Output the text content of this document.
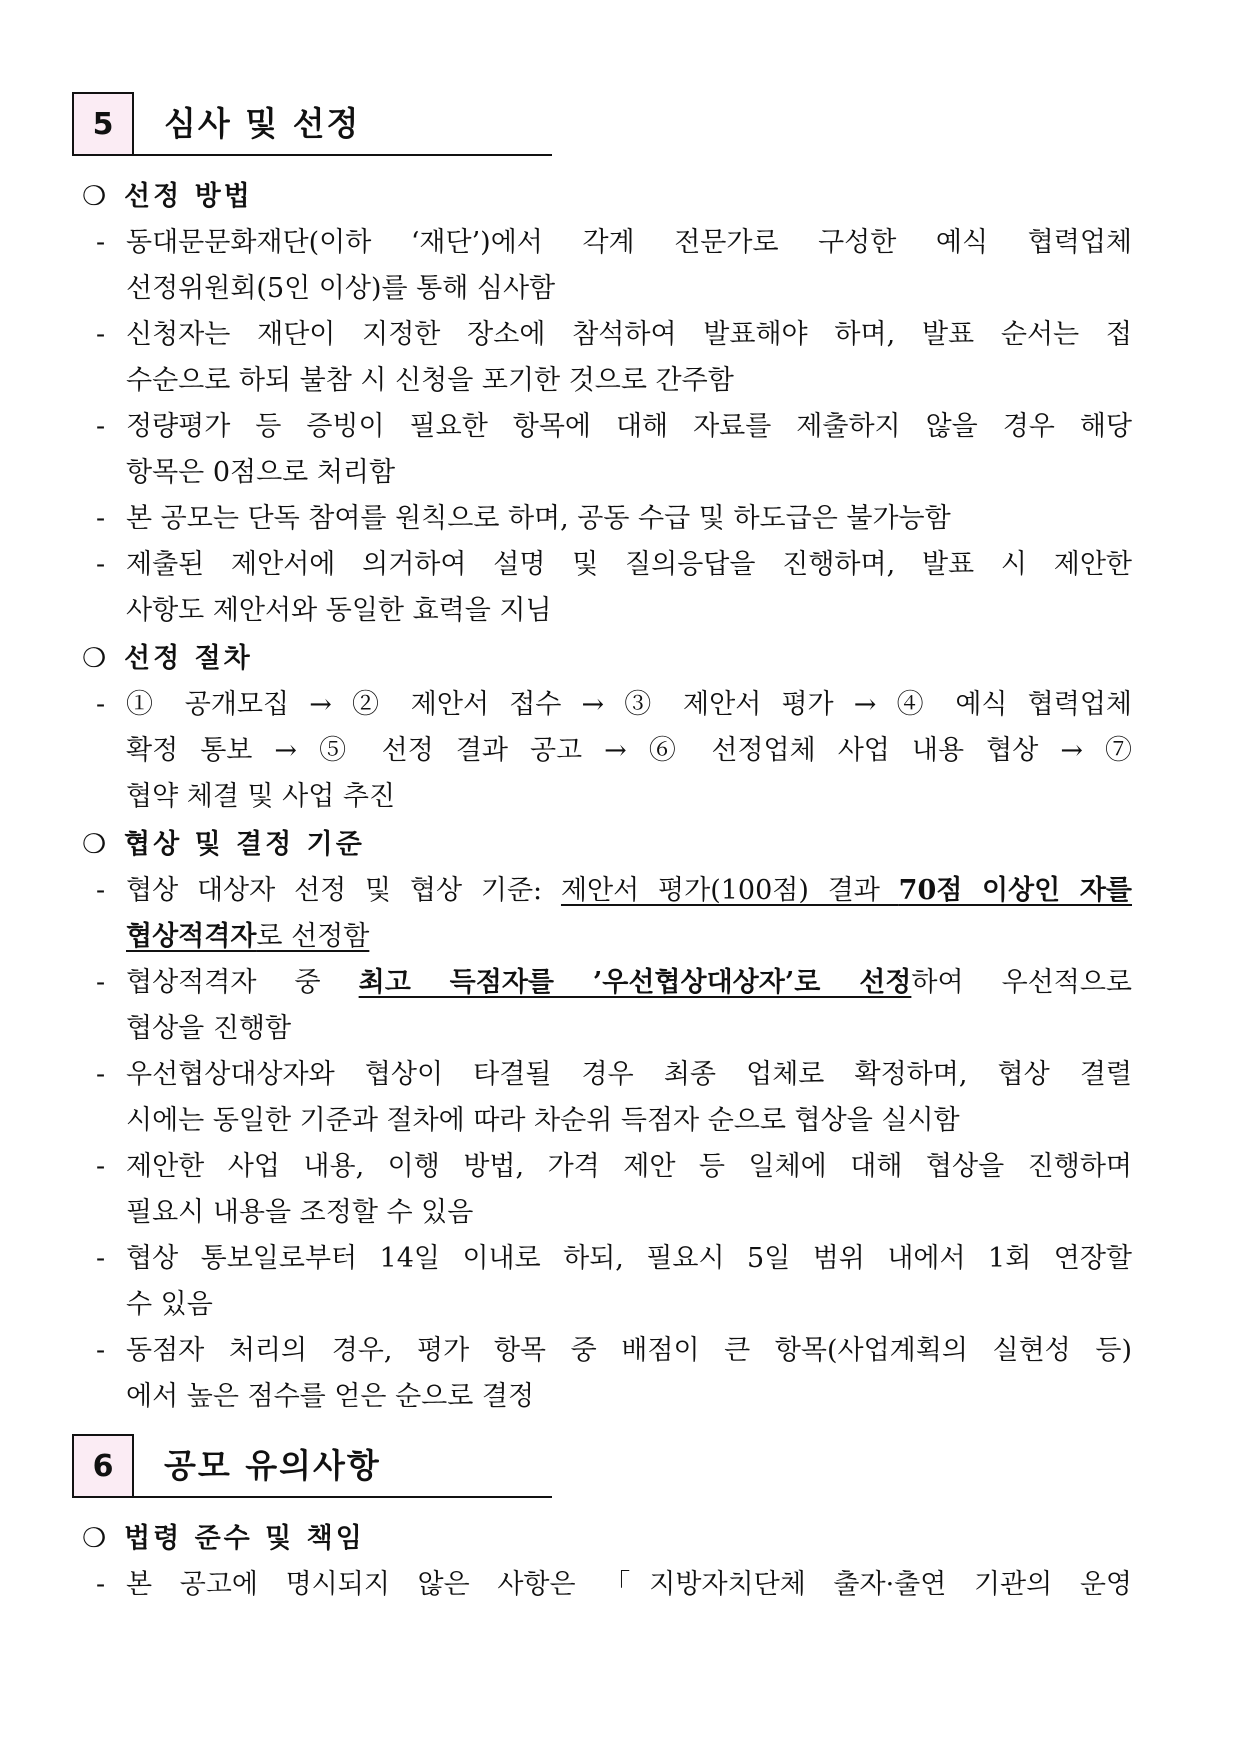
5	심사 및 선정
❍ 선정 방법
- 동대문문화재단(이하 ‘재단’)에서 각계 전문가로 구성한 예식 협력업체
선정위원회(5인 이상)를 통해 심사함
- 신청자는 재단이 지정한 장소에 참석하여 발표해야 하며, 발표 순서는 접
수순으로 하되 불참 시 신청을 포기한 것으로 간주함
- 정량평가 등 증빙이 필요한 항목에 대해 자료를 제출하지 않을 경우 해당
항목은 0점으로 처리함
- 본 공모는 단독 참여를 원칙으로 하며, 공동 수급 및 하도급은 불가능함
- 제출된 제안서에 의거하여 설명 및 질의응답을 진행하며, 발표 시 제안한
사항도 제안서와 동일한 효력을 지님
❍ 선정 절차
- ① 공개모집 → ② 제안서 접수 → ③ 제안서 평가 → ④ 예식 협력업체
확정 통보 → ⑤ 선정 결과 공고 → ⑥ 선정업체 사업 내용 협상 → ⑦
협약 체결 및 사업 추진
❍ 협상 및 결정 기준
- 협상 대상자 선정 및 협상 기준: 제안서 평가(100점) 결과 70점 이상인 자를
협상적격자로 선정함
- 협상적격자 중 최고 득점자를 ’우선협상대상자’로 선정하여 우선적으로
협상을 진행함
- 우선협상대상자와 협상이 타결될 경우 최종 업체로 확정하며, 협상 결렬
시에는 동일한 기준과 절차에 따라 차순위 득점자 순으로 협상을 실시함
- 제안한 사업 내용, 이행 방법, 가격 제안 등 일체에 대해 협상을 진행하며
필요시 내용을 조정할 수 있음
- 협상 통보일로부터 14일 이내로 하되, 필요시 5일 범위 내에서 1회 연장할
수 있음
- 동점자 처리의 경우, 평가 항목 중 배점이 큰 항목(사업계획의 실현성 등)
에서 높은 점수를 얻은 순으로 결정
6	공모 유의사항
❍ 법령 준수 및 책임
- 본 공고에 명시되지 않은 사항은 「지방자치단체 출자·출연 기관의 운영
